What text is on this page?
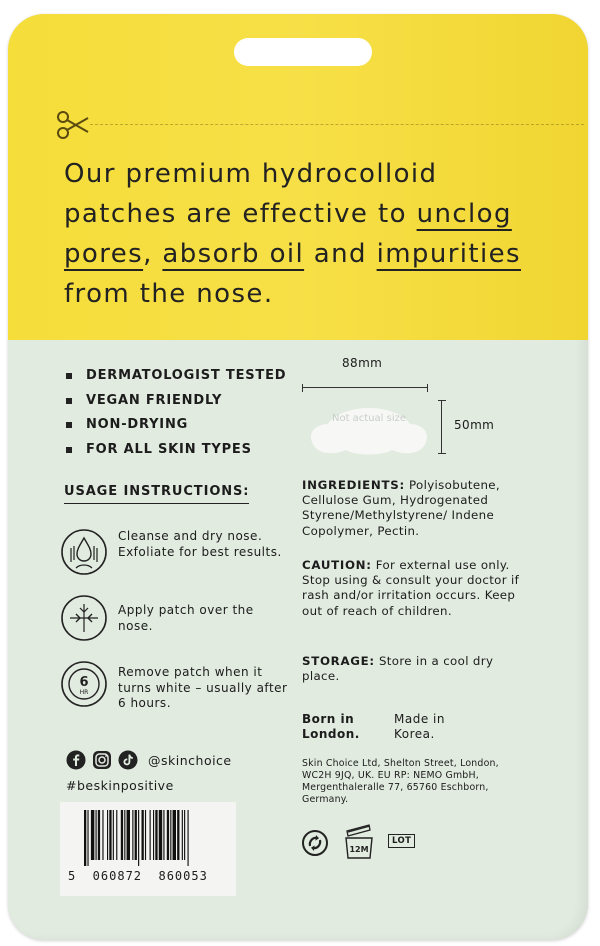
Our premium hydrocolloid
patches are effective to unclog
pores, absorb oil and impurities
from the nose.
DERMATOLOGIST TESTED
VEGAN FRIENDLY
NON-DRYING
FOR ALL SKIN TYPES
88mm
Not actual size	50mm
USAGE INSTRUCTIONS:
Cleanse and dry nose. Exfoliate for best results.
Apply patch over the nose.
6
HR
Remove patch when it turns white – usually after 6 hours.
@skinchoice
#beskinpositive
5  060872  860053
INGREDIENTS: Polyisobutene, Cellulose Gum, Hydrogenated Styrene/Methylstyrene/ Indene Copolymer, Pectin.
CAUTION: For external use only. Stop using & consult your doctor if rash and/or irritation occurs. Keep out of reach of children.
STORAGE: Store in a cool dry place.
Born in London.
Made in Korea.
Skin Choice Ltd, Shelton Street, London, WC2H 9JQ, UK. EU RP: NEMO GmbH, Mergenthaleralle 77, 65760 Eschborn, Germany.
12M
LOT
